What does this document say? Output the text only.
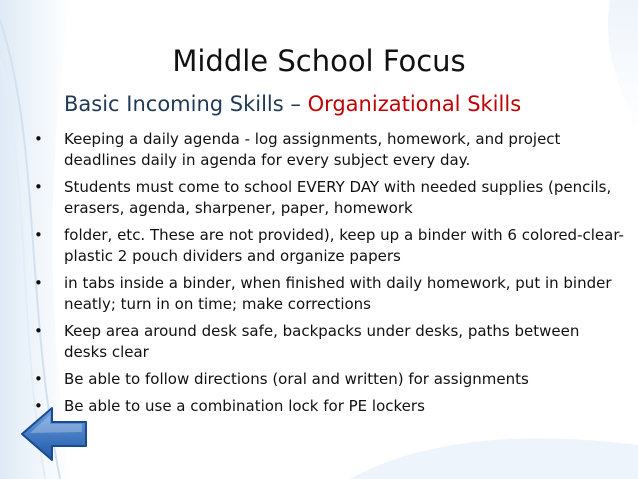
Middle School Focus
Basic Incoming Skills – Organizational Skills
• Keeping a daily agenda - log assignments, homework, and project deadlines daily in agenda for every subject every day.
• Students must come to school EVERY DAY with needed supplies (pencils, erasers, agenda, sharpener, paper, homework
• folder, etc. These are not provided), keep up a binder with 6 colored-clear- plastic 2 pouch dividers and organize papers
• in tabs inside a binder, when finished with daily homework, put in binder neatly; turn in on time; make corrections
• Keep area around desk safe, backpacks under desks, paths between desks clear
• Be able to follow directions (oral and written) for assignments
• Be able to use a combination lock for PE lockers
